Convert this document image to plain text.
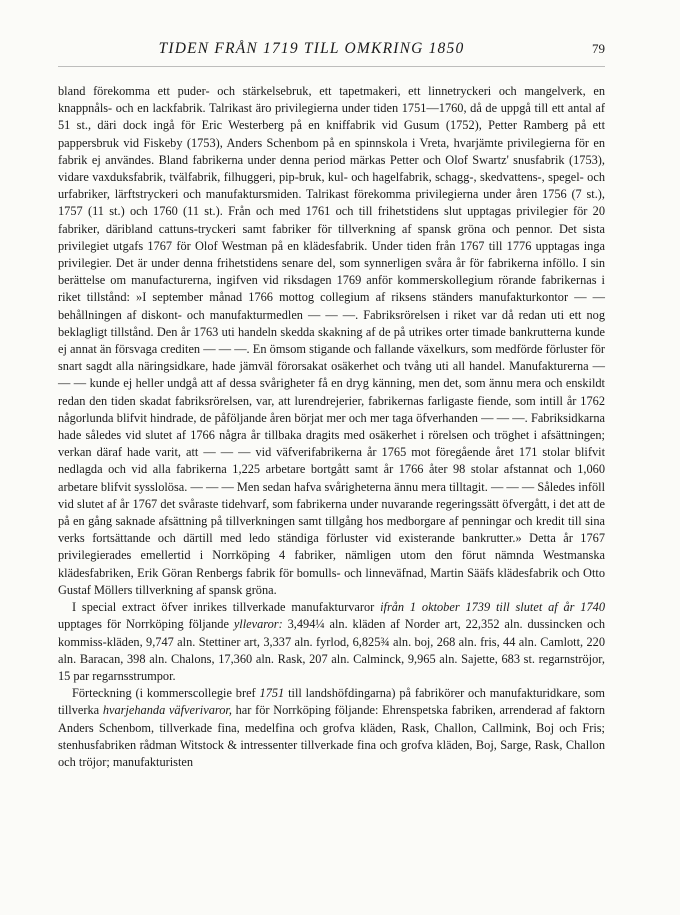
TIDEN FRÅN 1719 TILL OMKRING 1850	79

bland förekomma ett puder- och stärkelsebruk, ett tapetmakeri, ett linnetryckeri och mangelverk, en knappnåls- och en lackfabrik. Talrikast äro privilegierna under tiden 1751—1760, då de uppgå till ett antal af 51 st., däri dock ingå för Eric Westerberg på en kniffabrik vid Gusum (1752), Petter Ramberg på ett pappersbruk vid Fiskeby (1753), Anders Schenbom på en spinnskola i Vreta, hvarjämte privilegierna för en fabrik ej användes. Bland fabrikerna under denna period märkas Petter och Olof Swartz' snusfabrik (1753), vidare vaxduksfabrik, tvälfabrik, filhuggeri, pip-bruk, kul- och hagelfabrik, schagg-, skedvattens-, spegel- och urfabriker, lärftstryckeri och manufaktursmiden. Talrikast förekomma privilegierna under åren 1756 (7 st.), 1757 (11 st.) och 1760 (11 st.). Från och med 1761 och till frihetstidens slut upptagas privilegier för 20 fabriker, däribland cattuns-tryckeri samt fabriker för tillverkning af spansk gröna och pennor. Det sista privilegiet utgafs 1767 för Olof Westman på en klädesfabrik. Under tiden från 1767 till 1776 upptagas inga privilegier. Det är under denna frihetstidens senare del, som synnerligen svåra år för fabrikerna inföllo. I sin berättelse om manufacturerna, ingifven vid riksdagen 1769 anför kommerskollegium rörande fabrikernas i riket tillstånd: »I september månad 1766 mottog collegium af riksens ständers manufakturkontor — — behållningen af diskont- och manufakturmedlen — — —. Fabriksrörelsen i riket var då redan uti ett nog beklagligt tillstånd. Den år 1763 uti handeln skedda skakning af de på utrikes orter timade bankrutterna kunde ej annat än försvaga crediten — — —. En ömsom stigande och fallande växelkurs, som medförde förluster för snart sagdt alla näringsidkare, hade jämväl förorsakat osäkerhet och tvång uti all handel. Manufakturerna — — — kunde ej heller undgå att af dessa svårigheter få en dryg känning, men det, som ännu mera och enskildt redan den tiden skadat fabriksrörelsen, var, att lurendrejerier, fabrikernas farligaste fiende, som intill år 1762 någorlunda blifvit hindrade, de påföljande åren börjat mer och mer taga öfverhanden — — —. Fabriksidkarna hade således vid slutet af 1766 några år tillbaka dragits med osäkerhet i rörelsen och tröghet i afsättningen; verkan däraf hade varit, att — — — vid väfverifabrikerna år 1765 mot föregående året 171 stolar blifvit nedlagda och vid alla fabrikerna 1,225 arbetare bortgått samt år 1766 åter 98 stolar afstannat och 1,060 arbetare blifvit sysslolösa. — — — Men sedan hafva svårigheterna ännu mera tilltagit. — — — Således inföll vid slutet af år 1767 det svåraste tidehvarf, som fabrikerna under nuvarande regeringssätt öfvergått, i det att de på en gång saknade afsättning på tillverkningen samt tillgång hos medborgare af penningar och kredit till sina verks fortsättande och därtill med ledo ständiga förluster vid existerande bankrutter.» Detta år 1767 privilegierades emellertid i Norrköping 4 fabriker, nämligen utom den förut nämnda Westmanska klädesfabriken, Erik Göran Renbergs fabrik för bomulls- och linneväfnad, Martin Sääfs klädesfabrik och Otto Gustaf Möllers tillverkning af spansk gröna.

I special extract öfver inrikes tillverkade manufakturvaror ifrån 1 oktober 1739 till slutet af år 1740 upptages för Norrköping följande yllevaror: 3,494¼ aln. kläden af Norder art, 22,352 aln. dussincken och kommiss-kläden, 9,747 aln. Stettiner art, 3,337 aln. fyrlod, 6,825¾ aln. boj, 268 aln. fris, 44 aln. Camlott, 220 aln. Baracan, 398 aln. Chalons, 17,360 aln. Rask, 207 aln. Calminck, 9,965 aln. Sajette, 683 st. regarnströjor, 15 par regarnsstrumpor.

Förteckning (i kommerscollegie bref 1751 till landshöfdingarna) på fabrikörer och manufakturidkare, som tillverka hvarjehanda väfverivaror, har för Norrköping följande: Ehrenspetska fabriken, arrenderad af faktorn Anders Schenbom, tillverkade fina, medelfina och grofva kläden, Rask, Challon, Callmink, Boj och Fris; stenhusfabriken rådman Witstock & intressenter tillverkade fina och grofva kläden, Boj, Sarge, Rask, Challon och tröjor; manufakturisten
